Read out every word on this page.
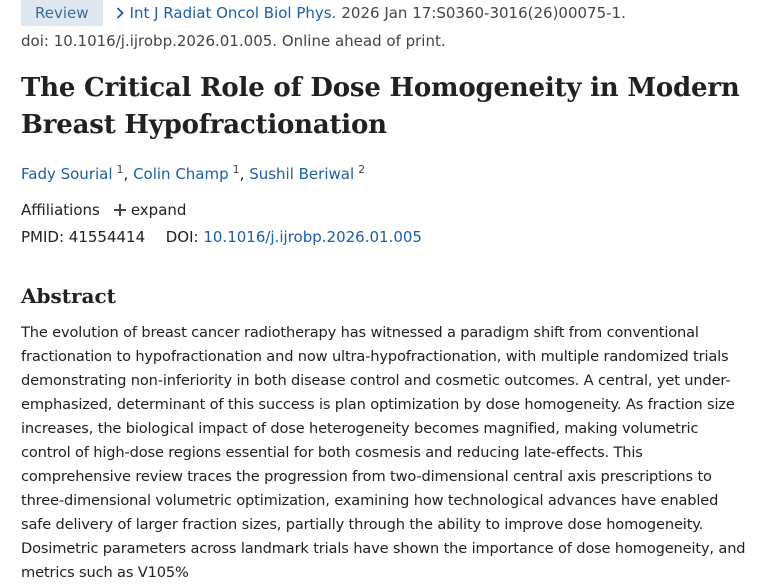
Review	Int J Radiat Oncol Biol Phys. 2026 Jan 17:S0360-3016(26)00075-1.
doi: 10.1016/j.ijrobp.2026.01.005. Online ahead of print.
The Critical Role of Dose Homogeneity in Modern Breast Hypofractionation
Fady Sourial $^1$, Colin Champ $^1$, Sushil Beriwal $^2$
Affiliations expand
PMID: 41554414 DOI: 10.1016/j.ijrobp.2026.01.005
Abstract

The evolution of breast cancer radiotherapy has witnessed a paradigm shift from conventional fractionation to hypofractionation and now ultra-hypofractionation, with multiple randomized trials demonstrating non-inferiority in both disease control and cosmetic outcomes. A central, yet under-emphasized, determinant of this success is plan optimization by dose homogeneity. As fraction size increases, the biological impact of dose heterogeneity becomes magnified, making volumetric control of high-dose regions essential for both cosmesis and reducing late-effects. This comprehensive review traces the progression from two-dimensional central axis prescriptions to three-dimensional volumetric optimization, examining how technological advances have enabled safe delivery of larger fraction sizes, partially through the ability to improve dose homogeneity. Dosimetric parameters across landmark trials have shown the importance of dose homogeneity, and metrics such as V105%
